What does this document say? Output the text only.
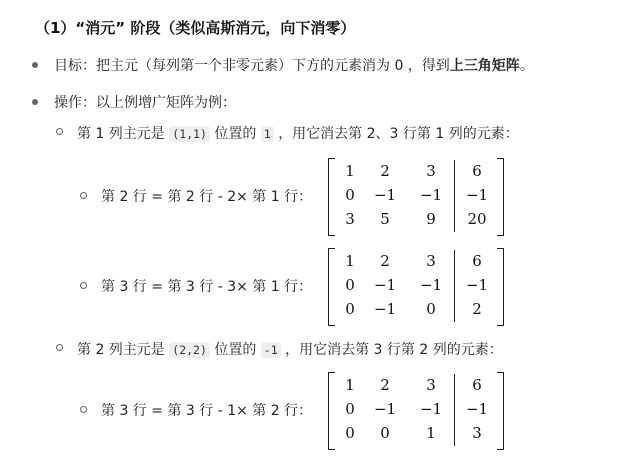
（1）“消元” 阶段（类似高斯消元，向下消零）
目标：把主元（每列第一个非零元素）下方的元素消为 0 ，得到上三角矩阵。
操作：以上例增广矩阵为例：
第 1 列主元是 (1,1) 位置的 1 ，用它消去第 2、3 行第 1 列的元素：
第 2 行 = 第 2 行 - 2× 第 1 行：
1	2	3	6
0	−1	−1	−1
3	5	9	20
第 3 行 = 第 3 行 - 3× 第 1 行：
1	2	3	6
0	−1	−1	−1
0	−1	0	2
第 2 列主元是 (2,2) 位置的 -1 ，用它消去第 3 行第 2 列的元素：
第 3 行 = 第 3 行 - 1× 第 2 行：
1	2	3	6
0	−1	−1	−1
0	0	1	3
